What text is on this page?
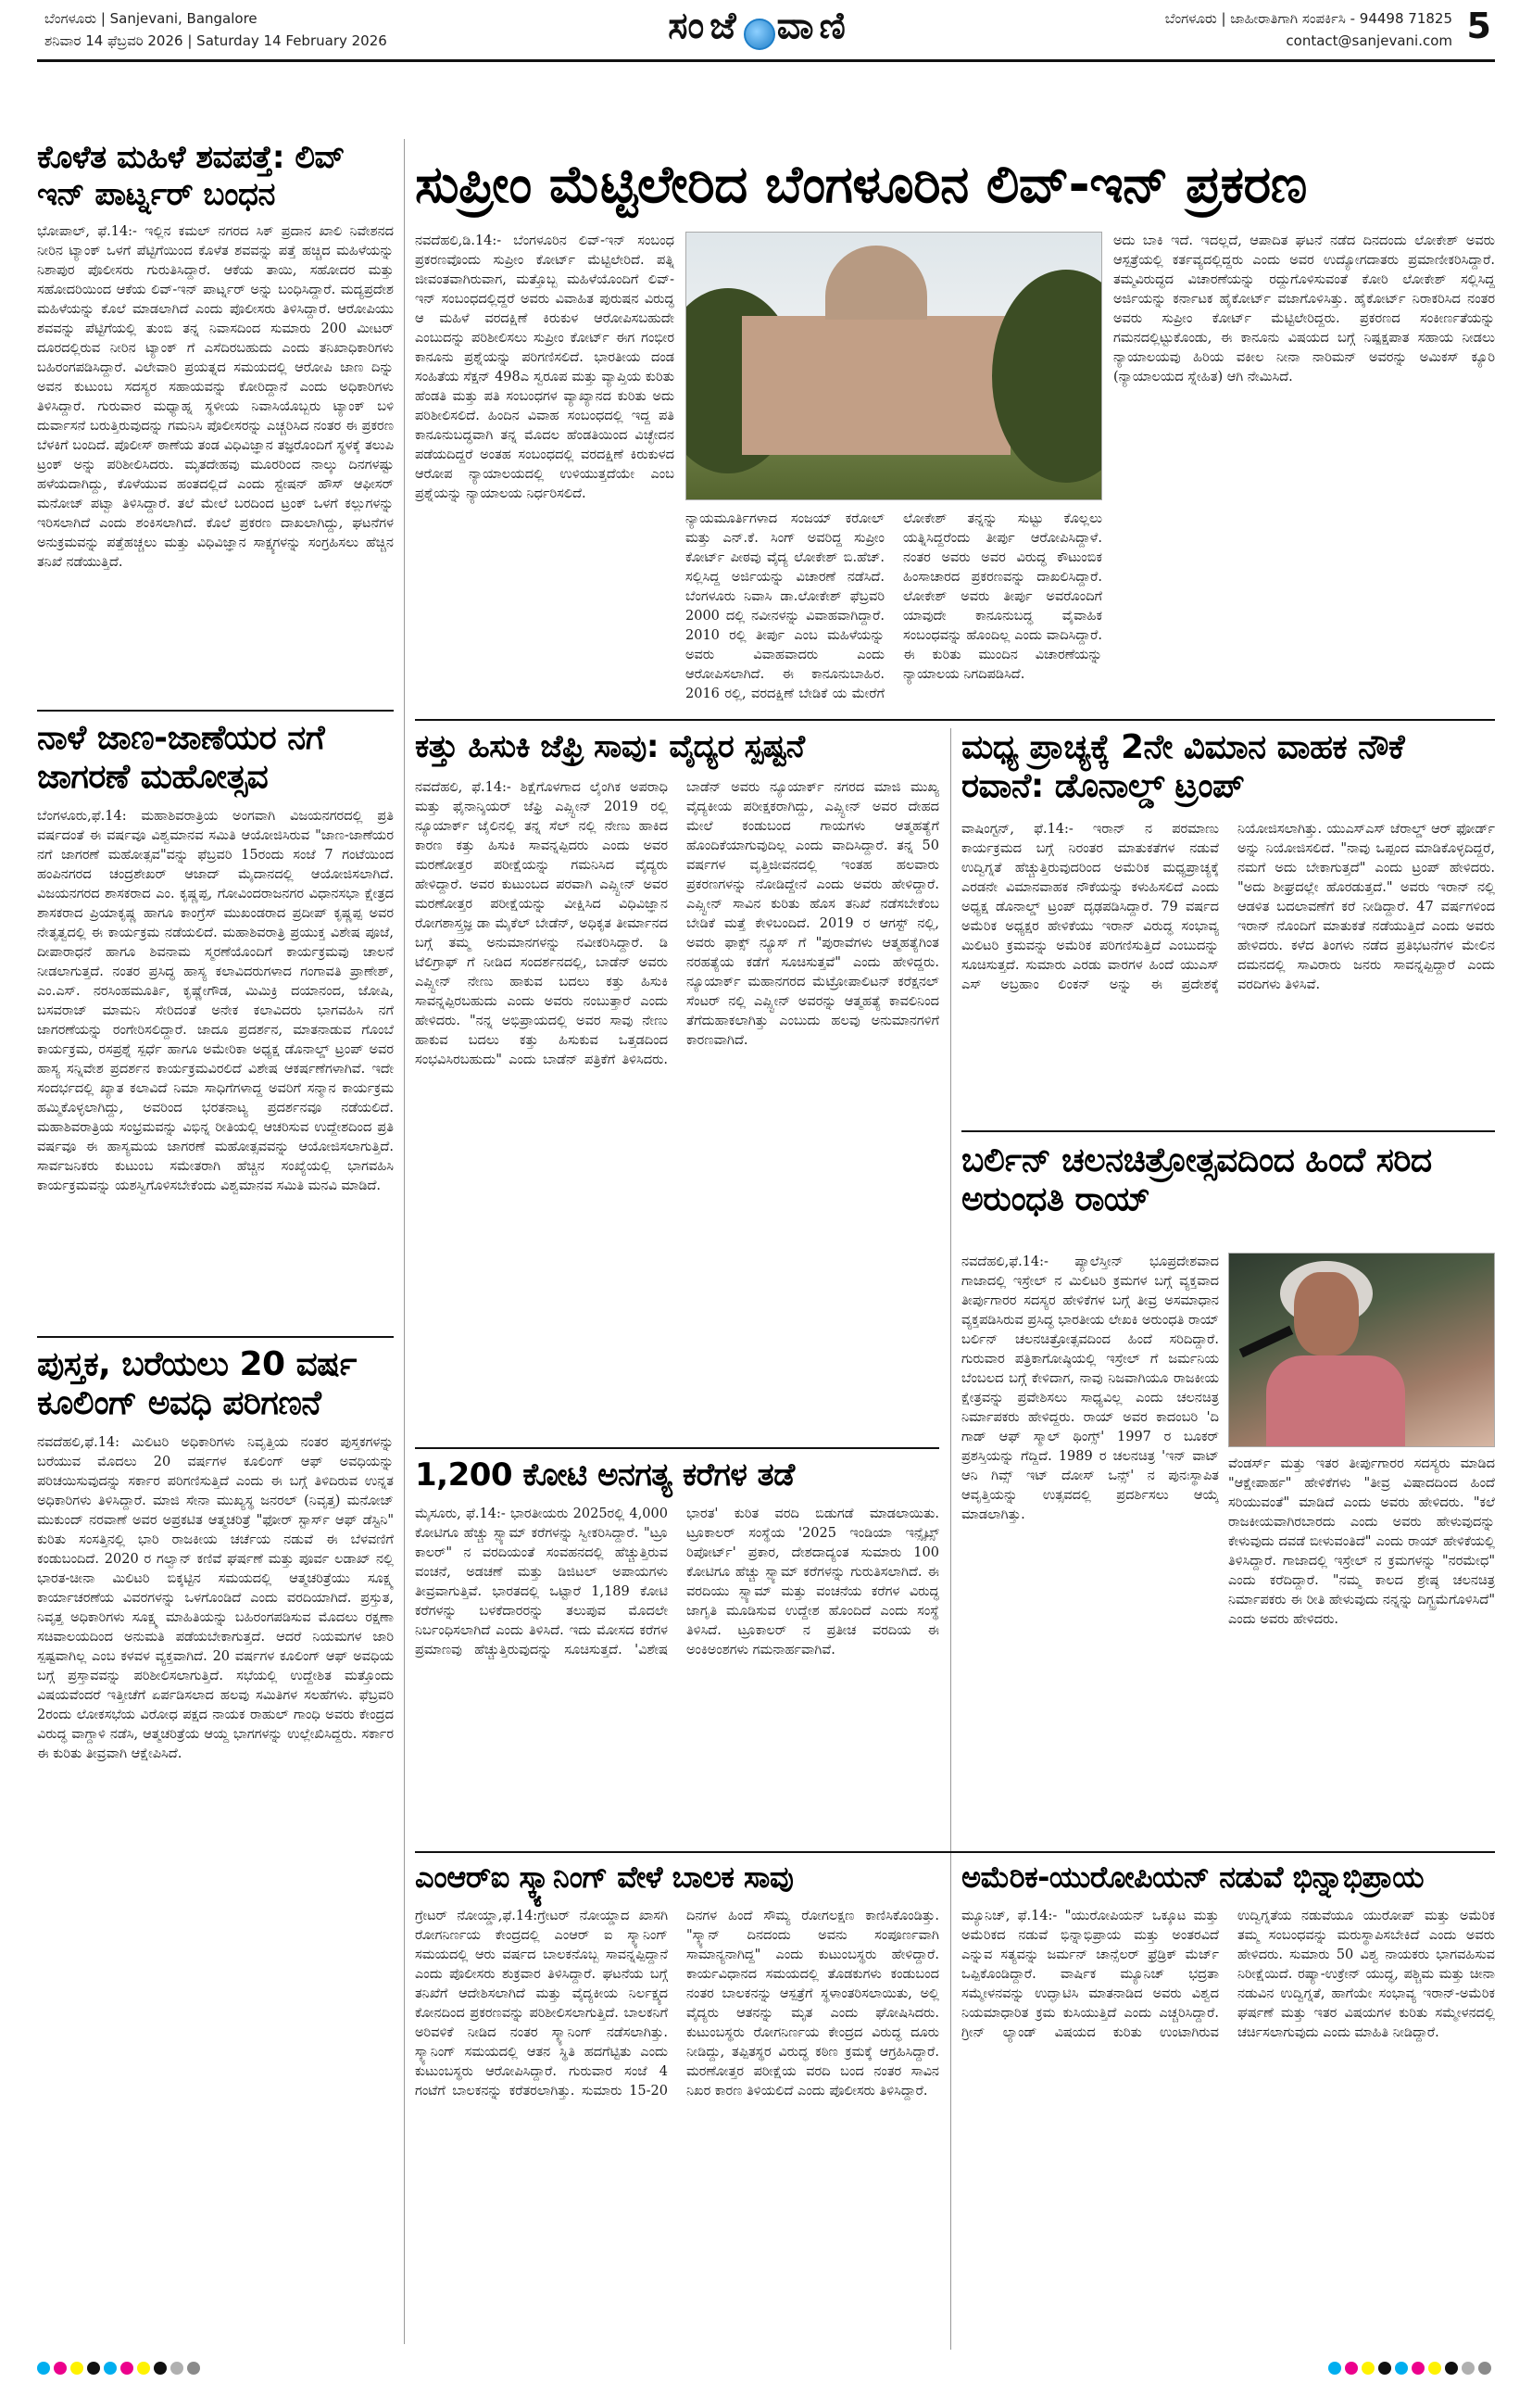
ಬೆಂಗಳೂರು | Sanjevani, Bangalore
ಶನಿವಾರ 14 ಫೆಬ್ರವರಿ 2026 | Saturday 14 February 2026	ಸಂಜೆ ವಾಣಿ	ಬೆಂಗಳೂರು | ಜಾಹೀರಾತಿಗಾಗಿ ಸಂಪರ್ಕಿಸಿ - 94498 71825
contact@sanjevani.com 5
ಕೊಳೆತ ಮಹಿಳೆ ಶವಪತ್ತೆ: ಲಿವ್ ಇನ್ ಪಾರ್ಟ್ನರ್ ಬಂಧನ
ಭೋಪಾಲ್, ಫೆ.14:- ಇಲ್ಲಿನ ಕಮಲ್ ನಗರದ ಸಿಕ್ ಪ್ರದಾನ ಖಾಲಿ ನಿವೇಶನದ ನೀರಿನ ಟ್ಯಾಂಕ್ ಒಳಗೆ ಪೆಟ್ಟಿಗೆಯಿಂದ ಕೊಳೆತ ಶವವನ್ನು ಪತ್ತೆ ಹಚ್ಚಿದ ಮಹಿಳೆಯನ್ನು ನಿಶಾಪುರ ಪೊಲೀಸರು ಗುರುತಿಸಿದ್ದಾರೆ. ಆಕೆಯ ತಾಯಿ, ಸಹೋದರ ಮತ್ತು ಸಹೋದರಿಯಿಂದ ಆಕೆಯ ಲಿವ್-ಇನ್ ಪಾರ್ಟ್ನರ್ ಅನ್ನು ಬಂಧಿಸಿದ್ದಾರೆ. ಮದ್ಯಪ್ರದೇಶ ಮಹಿಳೆಯನ್ನು ಕೊಲೆ ಮಾಡಲಾಗಿದೆ ಎಂದು ಪೊಲೀಸರು ತಿಳಿಸಿದ್ದಾರೆ. ಆರೋಪಿಯು ಶವವನ್ನು ಪೆಟ್ಟಿಗೆಯಲ್ಲಿ ತುಂಬಿ ತನ್ನ ನಿವಾಸದಿಂದ ಸುಮಾರು 200 ಮೀಟರ್ ದೂರದಲ್ಲಿರುವ ನೀರಿನ ಟ್ಯಾಂಕ್ ಗೆ ಎಸೆದಿರಬಹುದು ಎಂದು ತನಿಖಾಧಿಕಾರಿಗಳು ಬಹಿರಂಗಪಡಿಸಿದ್ದಾರೆ. ವಿಲೇವಾರಿ ಪ್ರಯತ್ನದ ಸಮಯದಲ್ಲಿ ಆರೋಪಿ ಜಾಣ ದಿನ್ನು ಅವನ ಕುಟುಂಬ ಸದಸ್ಯರ ಸಹಾಯವನ್ನು ಕೋರಿದ್ದಾನೆ ಎಂದು ಅಧಿಕಾರಿಗಳು ತಿಳಿಸಿದ್ದಾರೆ. ಗುರುವಾರ ಮಧ್ಯಾಹ್ನ ಸ್ಥಳೀಯ ನಿವಾಸಿಯೊಬ್ಬರು ಟ್ಯಾಂಕ್ ಬಳಿ ದುರ್ವಾಸನೆ ಬರುತ್ತಿರುವುದನ್ನು ಗಮನಿಸಿ ಪೊಲೀಸರನ್ನು ಎಚ್ಚರಿಸಿದ ನಂತರ ಈ ಪ್ರಕರಣ ಬೆಳಕಿಗೆ ಬಂದಿದೆ. ಪೊಲೀಸ್ ಠಾಣೆಯ ತಂಡ ವಿಧಿವಿಜ್ಞಾನ ತಜ್ಞರೊಂದಿಗೆ ಸ್ಥಳಕ್ಕೆ ತಲುಪಿ ಟ್ರಂಕ್ ಅನ್ನು ಪರಿಶೀಲಿಸಿದರು. ಮೃತದೇಹವು ಮೂರರಿಂದ ನಾಲ್ಕು ದಿನಗಳಷ್ಟು ಹಳೆಯದಾಗಿದ್ದು, ಕೊಳೆಯುವ ಹಂತದಲ್ಲಿದೆ ಎಂದು ಸ್ಟೇಷನ್ ಹೌಸ್ ಆಫೀಸರ್ ಮನೋಜ್ ಪಟ್ವಾ ತಿಳಿಸಿದ್ದಾರೆ. ತಲೆ ಮೇಲೆ ಬರದಿಂದ ಟ್ರಂಕ್ ಒಳಗೆ ಕಲ್ಲುಗಳನ್ನು ಇರಿಸಲಾಗಿದೆ ಎಂದು ಶಂಕಿಸಲಾಗಿದೆ. ಕೊಲೆ ಪ್ರಕರಣ ದಾಖಲಾಗಿದ್ದು, ಘಟನೆಗಳ ಅನುಕ್ರಮವನ್ನು ಪತ್ತೆಹಚ್ಚಲು ಮತ್ತು ವಿಧಿವಿಜ್ಞಾನ ಸಾಕ್ಷ್ಯಗಳನ್ನು ಸಂಗ್ರಹಿಸಲು ಹೆಚ್ಚಿನ ತನಿಖೆ ನಡೆಯುತ್ತಿದೆ.
ನಾಳೆ ಜಾಣ-ಜಾಣೆಯರ ನಗೆ ಜಾಗರಣೆ ಮಹೋತ್ಸವ
ಬೆಂಗಳೂರು,ಫೆ.14: ಮಹಾಶಿವರಾತ್ರಿಯ ಅಂಗವಾಗಿ ವಿಜಯನಗರದಲ್ಲಿ ಪ್ರತಿ ವರ್ಷದಂತೆ ಈ ವರ್ಷವೂ ವಿಶ್ವಮಾನವ ಸಮಿತಿ ಆಯೋಜಿಸಿರುವ "ಜಾಣ-ಜಾಣೆಯರ ನಗೆ ಜಾಗರಣೆ ಮಹೋತ್ಸವ"ವನ್ನು ಫೆಬ್ರವರಿ 15ರಂದು ಸಂಜೆ 7 ಗಂಟೆಯಿಂದ ಹಂಪಿನಗರದ ಚಂದ್ರಶೇಖರ್ ಆಜಾದ್ ಮೈದಾನದಲ್ಲಿ ಆಯೋಜಿಸಲಾಗಿದೆ. ವಿಜಯನಗರದ ಶಾಸಕರಾದ ಎಂ. ಕೃಷ್ಣಪ್ಪ, ಗೋವಿಂದರಾಜನಗರ ವಿಧಾನಸಭಾ ಕ್ಷೇತ್ರದ ಶಾಸಕರಾದ ಪ್ರಿಯಾಕೃಷ್ಣ ಹಾಗೂ ಕಾಂಗ್ರೆಸ್ ಮುಖಂಡರಾದ ಪ್ರದೀಪ್ ಕೃಷ್ಣಪ್ಪ ಅವರ ನೇತೃತ್ವದಲ್ಲಿ ಈ ಕಾರ್ಯಕ್ರಮ ನಡೆಯಲಿದೆ. ಮಹಾಶಿವರಾತ್ರಿ ಪ್ರಯುಕ್ತ ವಿಶೇಷ ಪೂಜೆ, ದೀಪಾರಾಧನೆ ಹಾಗೂ ಶಿವನಾಮ ಸ್ಮರಣೆಯೊಂದಿಗೆ ಕಾರ್ಯಕ್ರಮವು ಚಾಲನೆ ನೀಡಲಾಗುತ್ತದೆ. ನಂತರ ಪ್ರಸಿದ್ಧ ಹಾಸ್ಯ ಕಲಾವಿದರುಗಳಾದ ಗಂಗಾವತಿ ಪ್ರಾಣೇಶ್, ಎಂ.ಎಸ್. ನರಸಿಂಹಮೂರ್ತಿ, ಕೃಷ್ಣೇಗೌಡ, ಮಿಮಿಕ್ರಿ ದಯಾನಂದ, ಜೋಷಿ, ಬಸವರಾಜ್ ಮಾಮನಿ ಸೇರಿದಂತೆ ಅನೇಕ ಕಲಾವಿದರು ಭಾಗವಹಿಸಿ ನಗೆ ಜಾಗರಣೆಯನ್ನು ರಂಗೇರಿಸಲಿದ್ದಾರೆ. ಜಾದೂ ಪ್ರದರ್ಶನ, ಮಾತನಾಡುವ ಗೊಂಬೆ ಕಾರ್ಯಕ್ರಮ, ರಸಪ್ರಶ್ನೆ ಸ್ಪರ್ಧೆ ಹಾಗೂ ಅಮೇರಿಕಾ ಅಧ್ಯಕ್ಷ ಡೊನಾಲ್ಡ್ ಟ್ರಂಪ್ ಅವರ ಹಾಸ್ಯ ಸನ್ನಿವೇಶ ಪ್ರದರ್ಶನ ಕಾರ್ಯಕ್ರಮವಿರಲಿದೆ ವಿಶೇಷ ಆಕರ್ಷಣೆಗಳಾಗಿವೆ. ಇದೇ ಸಂದರ್ಭದಲ್ಲಿ ಖ್ಯಾತ ಕಲಾವಿದೆ ನಿಮಾ ಸಾಧಿಗೆಗಳಾದ್ದ ಅವರಿಗೆ ಸನ್ಮಾನ ಕಾರ್ಯಕ್ರಮ ಹಮ್ಮಿಕೊಳ್ಳಲಾಗಿದ್ದು, ಅವರಿಂದ ಭರತನಾಟ್ಯ ಪ್ರದರ್ಶನವೂ ನಡೆಯಲಿದೆ. ಮಹಾಶಿವರಾತ್ರಿಯ ಸಂಭ್ರಮವನ್ನು ವಿಭಿನ್ನ ರೀತಿಯಲ್ಲಿ ಆಚರಿಸುವ ಉದ್ದೇಶದಿಂದ ಪ್ರತಿ ವರ್ಷವೂ ಈ ಹಾಸ್ಯಮಯ ಜಾಗರಣೆ ಮಹೋತ್ಸವವನ್ನು ಆಯೋಜಿಸಲಾಗುತ್ತಿದೆ. ಸಾರ್ವಜನಿಕರು ಕುಟುಂಬ ಸಮೇತರಾಗಿ ಹೆಚ್ಚಿನ ಸಂಖ್ಯೆಯಲ್ಲಿ ಭಾಗವಹಿಸಿ ಕಾರ್ಯಕ್ರಮವನ್ನು ಯಶಸ್ವಿಗೊಳಿಸಬೇಕೆಂದು ವಿಶ್ವಮಾನವ ಸಮಿತಿ ಮನವಿ ಮಾಡಿದೆ.
ಪುಸ್ತಕ, ಬರೆಯಲು 20 ವರ್ಷ ಕೂಲಿಂಗ್ ಅವಧಿ ಪರಿಗಣನೆ
ನವದೆಹಲಿ,ಫೆ.14: ಮಿಲಿಟರಿ ಅಧಿಕಾರಿಗಳು ನಿವೃತ್ತಿಯ ನಂತರ ಪುಸ್ತಕಗಳನ್ನು ಬರೆಯುವ ಮೊದಲು 20 ವರ್ಷಗಳ ಕೂಲಿಂಗ್ ಆಫ್ ಅವಧಿಯನ್ನು ಪರಿಚಯಿಸುವುದನ್ನು ಸರ್ಕಾರ ಪರಿಗಣಿಸುತ್ತಿದೆ ಎಂದು ಈ ಬಗ್ಗೆ ತಿಳಿದಿರುವ ಉನ್ನತ ಅಧಿಕಾರಿಗಳು ತಿಳಿಸಿದ್ದಾರೆ. ಮಾಜಿ ಸೇನಾ ಮುಖ್ಯಸ್ಥ ಜನರಲ್ (ನಿವೃತ್ತ) ಮನೋಜ್ ಮುಕುಂದ್ ನರವಾಣೆ ಅವರ ಅಪ್ರಕಟಿತ ಆತ್ಮಚರಿತ್ರೆ "ಫೋರ್ ಸ್ಟಾರ್ಸ್ ಆಫ್ ಡೆಸ್ಟಿನಿ" ಕುರಿತು ಸಂಸತ್ತಿನಲ್ಲಿ ಭಾರಿ ರಾಜಕೀಯ ಚರ್ಚೆಯ ನಡುವೆ ಈ ಬೆಳವಣಿಗೆ ಕಂಡುಬಂದಿದೆ. 2020 ರ ಗಲ್ವಾನ್ ಕಣಿವೆ ಘರ್ಷಣೆ ಮತ್ತು ಪೂರ್ವ ಲಡಾಖ್ ನಲ್ಲಿ ಭಾರತ-ಚೀನಾ ಮಿಲಿಟರಿ ಬಿಕ್ಕಟ್ಟಿನ ಸಮಯದಲ್ಲಿ ಆತ್ಮಚರಿತ್ರೆಯು ಸೂಕ್ಷ್ಮ ಕಾರ್ಯಾಚರಣೆಯ ವಿವರಗಳನ್ನು ಒಳಗೊಂಡಿದೆ ಎಂದು ವರದಿಯಾಗಿದೆ. ಪ್ರಸ್ತುತ, ನಿವೃತ್ತ ಅಧಿಕಾರಿಗಳು ಸೂಕ್ಷ್ಮ ಮಾಹಿತಿಯನ್ನು ಬಹಿರಂಗಪಡಿಸುವ ಮೊದಲು ರಕ್ಷಣಾ ಸಚಿವಾಲಯದಿಂದ ಅನುಮತಿ ಪಡೆಯಬೇಕಾಗುತ್ತದೆ. ಆದರೆ ನಿಯಮಗಳ ಜಾರಿ ಸ್ಪಷ್ಟವಾಗಿಲ್ಲ ಎಂಬ ಕಳವಳ ವ್ಯಕ್ತವಾಗಿದೆ. 20 ವರ್ಷಗಳ ಕೂಲಿಂಗ್ ಆಫ್ ಅವಧಿಯ ಬಗ್ಗೆ ಪ್ರಸ್ತಾವವನ್ನು ಪರಿಶೀಲಿಸಲಾಗುತ್ತಿದೆ. ಸಭೆಯಲ್ಲಿ ಉದ್ದೇಶಿತ ಮತ್ತೊಂದು ವಿಷಯವೆಂದರೆ ಇತ್ತೀಚೆಗೆ ಏರ್ಪಡಿಸಲಾದ ಹಲವು ಸಮಿತಿಗಳ ಸಲಹೆಗಳು. ಫೆಬ್ರವರಿ 2ರಂದು ಲೋಕಸಭೆಯ ವಿರೋಧ ಪಕ್ಷದ ನಾಯಕ ರಾಹುಲ್ ಗಾಂಧಿ ಅವರು ಕೇಂದ್ರದ ವಿರುದ್ಧ ವಾಗ್ದಾಳಿ ನಡೆಸಿ, ಆತ್ಮಚರಿತ್ರೆಯ ಆಯ್ದ ಭಾಗಗಳನ್ನು ಉಲ್ಲೇಖಿಸಿದ್ದರು. ಸರ್ಕಾರ ಈ ಕುರಿತು ತೀವ್ರವಾಗಿ ಆಕ್ಷೇಪಿಸಿದೆ.
ಸುಪ್ರೀಂ ಮೆಟ್ಟಿಲೇರಿದ ಬೆಂಗಳೂರಿನ ಲಿವ್-ಇನ್ ಪ್ರಕರಣ
ನವದೆಹಲಿ,ಡಿ.14:- ಬೆಂಗಳೂರಿನ ಲಿವ್-ಇನ್ ಸಂಬಂಧ ಪ್ರಕರಣವೊಂದು ಸುಪ್ರೀಂ ಕೋರ್ಟ್ ಮೆಟ್ಟಿಲೇರಿದೆ. ಪತ್ನಿ ಜೀವಂತವಾಗಿರುವಾಗ, ಮತ್ತೊಬ್ಬ ಮಹಿಳೆಯೊಂದಿಗೆ ಲಿವ್-ಇನ್ ಸಂಬಂಧದಲ್ಲಿದ್ದರೆ ಅವರು ವಿವಾಹಿತ ಪುರುಷನ ವಿರುದ್ಧ ಆ ಮಹಿಳೆ ವರದಕ್ಷಿಣೆ ಕಿರುಕುಳ ಆರೋಪಿಸಬಹುದೇ ಎಂಬುದನ್ನು ಪರಿಶೀಲಿಸಲು ಸುಪ್ರೀಂ ಕೋರ್ಟ್ ಈಗ ಗಂಭೀರ ಕಾನೂನು ಪ್ರಶ್ನೆಯನ್ನು ಪರಿಗಣಿಸಲಿದೆ. ಭಾರತೀಯ ದಂಡ ಸಂಹಿತೆಯ ಸೆಕ್ಷನ್ 498ಎ ಸ್ವರೂಪ ಮತ್ತು ವ್ಯಾಪ್ತಿಯ ಕುರಿತು ಹೆಂಡತಿ ಮತ್ತು ಪತಿ ಸಂಬಂಧಗಳ ವ್ಯಾಖ್ಯಾನದ ಕುರಿತು ಅದು ಪರಿಶೀಲಿಸಲಿದೆ. ಹಿಂದಿನ ವಿವಾಹ ಸಂಬಂಧದಲ್ಲಿ ಇದ್ದ ಪತಿ ಕಾನೂನುಬದ್ಧವಾಗಿ ತನ್ನ ಮೊದಲ ಹೆಂಡತಿಯಿಂದ ವಿಚ್ಛೇದನ ಪಡೆಯದಿದ್ದರೆ ಅಂತಹ ಸಂಬಂಧದಲ್ಲಿ ವರದಕ್ಷಿಣೆ ಕಿರುಕುಳದ ಆರೋಪ ನ್ಯಾಯಾಲಯದಲ್ಲಿ ಉಳಿಯುತ್ತದೆಯೇ ಎಂಬ ಪ್ರಶ್ನೆಯನ್ನು ನ್ಯಾಯಾಲಯ ನಿರ್ಧರಿಸಲಿದೆ.
ನ್ಯಾಯಮೂರ್ತಿಗಳಾದ ಸಂಜಯ್ ಕರೋಲ್ ಮತ್ತು ಎನ್.ಕೆ. ಸಿಂಗ್ ಅವರಿದ್ದ ಸುಪ್ರೀಂ ಕೋರ್ಟ್ ಪೀಠವು ವೈದ್ಯ ಲೋಕೇಶ್ ಬಿ.ಹೆಚ್. ಸಲ್ಲಿಸಿದ್ದ ಅರ್ಜಿಯನ್ನು ವಿಚಾರಣೆ ನಡೆಸಿದೆ. ಬೆಂಗಳೂರು ನಿವಾಸಿ ಡಾ.ಲೋಕೇಶ್ ಫೆಬ್ರವರಿ 2000 ದಲ್ಲಿ ನವೀನಳನ್ನು ವಿವಾಹವಾಗಿದ್ದಾರೆ. 2010 ರಲ್ಲಿ ತೀರ್ಪು ಎಂಬ ಮಹಿಳೆಯನ್ನು ಅವರು ವಿವಾಹವಾದರು ಎಂದು ಆರೋಪಿಸಲಾಗಿದೆ. ಈ ಕಾನೂನುಬಾಹಿರ. 2016 ರಲ್ಲಿ, ವರದಕ್ಷಿಣೆ ಬೇಡಿಕೆ ಯ ಮೇರೆಗೆ ಲೋಕೇಶ್ ತನ್ನನ್ನು ಸುಟ್ಟು ಕೊಲ್ಲಲು ಯತ್ನಿಸಿದ್ದರೆಂದು ತೀರ್ಪು ಆರೋಪಿಸಿದ್ದಾಳೆ. ನಂತರ ಅವರು ಅವರ ವಿರುದ್ಧ ಕೌಟುಂಬಿಕ ಹಿಂಸಾಚಾರದ ಪ್ರಕರಣವನ್ನು ದಾಖಲಿಸಿದ್ದಾರೆ. ಲೋಕೇಶ್ ಅವರು ತೀರ್ಪು ಅವರೊಂದಿಗೆ ಯಾವುದೇ ಕಾನೂನುಬದ್ಧ ವೈವಾಹಿಕ ಸಂಬಂಧವನ್ನು ಹೊಂದಿಲ್ಲ ಎಂದು ವಾದಿಸಿದ್ದಾರೆ. ಈ ಕುರಿತು ಮುಂದಿನ ವಿಚಾರಣೆಯನ್ನು ನ್ಯಾಯಾಲಯ ನಿಗದಿಪಡಿಸಿದೆ.
ಅದು ಬಾಕಿ ಇದೆ. ಇದಲ್ಲದೆ, ಆಪಾದಿತ ಘಟನೆ ನಡೆದ ದಿನದಂದು ಲೋಕೇಶ್ ಅವರು ಆಸ್ಪತ್ರೆಯಲ್ಲಿ ಕರ್ತವ್ಯದಲ್ಲಿದ್ದರು ಎಂದು ಅವರ ಉದ್ಯೋಗದಾತರು ಪ್ರಮಾಣೀಕರಿಸಿದ್ದಾರೆ. ತಮ್ಮವಿರುದ್ಧದ ವಿಚಾರಣೆಯನ್ನು ರದ್ದುಗೊಳಿಸುವಂತೆ ಕೋರಿ ಲೋಕೇಶ್ ಸಲ್ಲಿಸಿದ್ದ ಅರ್ಜಿಯನ್ನು ಕರ್ನಾಟಕ ಹೈಕೋರ್ಟ್ ವಜಾಗೊಳಿಸಿತ್ತು. ಹೈಕೋರ್ಟ್ ನಿರಾಕರಿಸಿದ ನಂತರ ಅವರು ಸುಪ್ರೀಂ ಕೋರ್ಟ್ ಮೆಟ್ಟಿಲೇರಿದ್ದರು. ಪ್ರಕರಣದ ಸಂಕೀರ್ಣತೆಯನ್ನು ಗಮನದಲ್ಲಿಟ್ಟುಕೊಂಡು, ಈ ಕಾನೂನು ವಿಷಯದ ಬಗ್ಗೆ ನಿಷ್ಪಕ್ಷಪಾತ ಸಹಾಯ ನೀಡಲು ನ್ಯಾಯಾಲಯವು ಹಿರಿಯ ವಕೀಲ ನೀನಾ ನಾರಿಮನ್ ಅವರನ್ನು ಅಮಿಕಸ್ ಕ್ಯೂರಿ (ನ್ಯಾಯಾಲಯದ ಸ್ನೇಹಿತ) ಆಗಿ ನೇಮಿಸಿದೆ.
ಕತ್ತು ಹಿಸುಕಿ ಜೆಫ್ರಿ ಸಾವು: ವೈದ್ಯರ ಸ್ಪಷ್ಟನೆ
ನವದೆಹಲಿ, ಫೆ.14:- ಶಿಕ್ಷೆಗೊಳಗಾದ ಲೈಂಗಿಕ ಅಪರಾಧಿ ಮತ್ತು ಫೈನಾನ್ಶಿಯರ್ ಜೆಫ್ರಿ ಎಪ್ಸ್ಟೀನ್ 2019 ರಲ್ಲಿ ನ್ಯೂಯಾರ್ಕ್ ಜೈಲಿನಲ್ಲಿ ತನ್ನ ಸೆಲ್ ನಲ್ಲಿ ನೇಣು ಹಾಕಿದ ಕಾರಣ ಕತ್ತು ಹಿಸುಕಿ ಸಾವನ್ನಪ್ಪಿದರು ಎಂದು ಅವರ ಮರಣೋತ್ತರ ಪರೀಕ್ಷೆಯನ್ನು ಗಮನಿಸಿದ ವೈದ್ಯರು ಹೇಳಿದ್ದಾರೆ. ಅವರ ಕುಟುಂಬದ ಪರವಾಗಿ ಎಪ್ಸ್ಟೀನ್ ಅವರ ಮರಣೋತ್ತರ ಪರೀಕ್ಷೆಯನ್ನು ವೀಕ್ಷಿಸಿದ ವಿಧಿವಿಜ್ಞಾನ ರೋಗಶಾಸ್ತ್ರಜ್ಞ ಡಾ ಮೈಕೆಲ್ ಬೇಡೆನ್, ಅಧಿಕೃತ ತೀರ್ಮಾನದ ಬಗ್ಗೆ ತಮ್ಮ ಅನುಮಾನಗಳನ್ನು ನವೀಕರಿಸಿದ್ದಾರೆ. ಡಿ ಟೆಲಿಗ್ರಾಫ್ ಗೆ ನೀಡಿದ ಸಂದರ್ಶನದಲ್ಲಿ, ಬಾಡೆನ್ ಅವರು ಎಪ್ಸ್ಟೀನ್ ನೇಣು ಹಾಕುವ ಬದಲು ಕತ್ತು ಹಿಸುಕಿ ಸಾವನ್ನಪ್ಪಿರಬಹುದು ಎಂದು ಅವರು ನಂಬುತ್ತಾರೆ ಎಂದು ಹೇಳಿದರು. "ನನ್ನ ಅಭಿಪ್ರಾಯದಲ್ಲಿ ಅವರ ಸಾವು ನೇಣು ಹಾಕುವ ಬದಲು ಕತ್ತು ಹಿಸುಕುವ ಒತ್ತಡದಿಂದ ಸಂಭವಿಸಿರಬಹುದು" ಎಂದು ಬಾಡೆನ್ ಪತ್ರಿಕೆಗೆ ತಿಳಿಸಿದರು. ಬಾಡೆನ್ ಅವರು ನ್ಯೂಯಾರ್ಕ್ ನಗರದ ಮಾಜಿ ಮುಖ್ಯ ವೈದ್ಯಕೀಯ ಪರೀಕ್ಷಕರಾಗಿದ್ದು, ಎಪ್ಸ್ಟೀನ್ ಅವರ ದೇಹದ ಮೇಲೆ ಕಂಡುಬಂದ ಗಾಯಗಳು ಆತ್ಮಹತ್ಯೆಗೆ ಹೊಂದಿಕೆಯಾಗುವುದಿಲ್ಲ ಎಂದು ವಾದಿಸಿದ್ದಾರೆ. ತನ್ನ 50 ವರ್ಷಗಳ ವೃತ್ತಿಜೀವನದಲ್ಲಿ ಇಂತಹ ಹಲವಾರು ಪ್ರಕರಣಗಳನ್ನು ನೋಡಿದ್ದೇನೆ ಎಂದು ಅವರು ಹೇಳಿದ್ದಾರೆ. ಎಪ್ಸ್ಟೀನ್ ಸಾವಿನ ಕುರಿತು ಹೊಸ ತನಿಖೆ ನಡೆಸಬೇಕೆಂಬ ಬೇಡಿಕೆ ಮತ್ತೆ ಕೇಳಿಬಂದಿದೆ. 2019 ರ ಆಗಸ್ಟ್ ನಲ್ಲಿ, ಅವರು ಫಾಕ್ಸ್ ನ್ಯೂಸ್ ಗೆ "ಪುರಾವೆಗಳು ಆತ್ಮಹತ್ಯೆಗಿಂತ ನರಹತ್ಯೆಯ ಕಡೆಗೆ ಸೂಚಿಸುತ್ತವೆ" ಎಂದು ಹೇಳಿದ್ದರು. ನ್ಯೂಯಾರ್ಕ್ ಮಹಾನಗರದ ಮೆಟ್ರೋಪಾಲಿಟನ್ ಕರೆಕ್ಷನಲ್ ಸೆಂಟರ್ ನಲ್ಲಿ ಎಪ್ಸ್ಟೀನ್ ಅವರನ್ನು ಆತ್ಮಹತ್ಯೆ ಕಾವಲಿನಿಂದ ತೆಗೆದುಹಾಕಲಾಗಿತ್ತು ಎಂಬುದು ಹಲವು ಅನುಮಾನಗಳಿಗೆ ಕಾರಣವಾಗಿದೆ.
ಮಧ್ಯ ಪ್ರಾಚ್ಯಕ್ಕೆ 2ನೇ ವಿಮಾನ ವಾಹಕ ನೌಕೆ ರವಾನೆ: ಡೊನಾಲ್ಡ್ ಟ್ರಂಪ್
ವಾಷಿಂಗ್ಟನ್, ಫೆ.14:- ಇರಾನ್ ನ ಪರಮಾಣು ಕಾರ್ಯಕ್ರಮದ ಬಗ್ಗೆ ನಿರಂತರ ಮಾತುಕತೆಗಳ ನಡುವೆ ಉದ್ವಿಗ್ನತೆ ಹೆಚ್ಚುತ್ತಿರುವುದರಿಂದ ಅಮೆರಿಕ ಮಧ್ಯಪ್ರಾಚ್ಯಕ್ಕೆ ಎರಡನೇ ವಿಮಾನವಾಹಕ ನೌಕೆಯನ್ನು ಕಳುಹಿಸಲಿದೆ ಎಂದು ಅಧ್ಯಕ್ಷ ಡೊನಾಲ್ಡ್ ಟ್ರಂಪ್ ದೃಢಪಡಿಸಿದ್ದಾರೆ. 79 ವರ್ಷದ ಅಮೆರಿಕ ಅಧ್ಯಕ್ಷರ ಹೇಳಿಕೆಯು ಇರಾನ್ ವಿರುದ್ಧ ಸಂಭಾವ್ಯ ಮಿಲಿಟರಿ ಕ್ರಮವನ್ನು ಅಮೆರಿಕ ಪರಿಗಣಿಸುತ್ತಿದೆ ಎಂಬುದನ್ನು ಸೂಚಿಸುತ್ತದೆ. ಸುಮಾರು ಎರಡು ವಾರಗಳ ಹಿಂದೆ ಯುಎಸ್ ಎಸ್ ಅಬ್ರಹಾಂ ಲಿಂಕನ್ ಅನ್ನು ಈ ಪ್ರದೇಶಕ್ಕೆ ನಿಯೋಜಿಸಲಾಗಿತ್ತು. ಯುಎಸ್ಎಸ್ ಜೆರಾಲ್ಡ್ ಆರ್ ಫೋರ್ಡ್ ಅನ್ನು ನಿಯೋಜಿಸಲಿದೆ. "ನಾವು ಒಪ್ಪಂದ ಮಾಡಿಕೊಳ್ಳದಿದ್ದರೆ, ನಮಗೆ ಅದು ಬೇಕಾಗುತ್ತದೆ" ಎಂದು ಟ್ರಂಪ್ ಹೇಳಿದರು. "ಅದು ಶೀಘ್ರದಲ್ಲೇ ಹೊರಡುತ್ತದೆ." ಅವರು ಇರಾನ್ ನಲ್ಲಿ ಆಡಳಿತ ಬದಲಾವಣೆಗೆ ಕರೆ ನೀಡಿದ್ದಾರೆ. 47 ವರ್ಷಗಳಿಂದ ಇರಾನ್ ನೊಂದಿಗೆ ಮಾತುಕತೆ ನಡೆಯುತ್ತಿದೆ ಎಂದು ಅವರು ಹೇಳಿದರು. ಕಳೆದ ತಿಂಗಳು ನಡೆದ ಪ್ರತಿಭಟನೆಗಳ ಮೇಲಿನ ದಮನದಲ್ಲಿ ಸಾವಿರಾರು ಜನರು ಸಾವನ್ನಪ್ಪಿದ್ದಾರೆ ಎಂದು ವರದಿಗಳು ತಿಳಿಸಿವೆ.
ಬರ್ಲಿನ್ ಚಲನಚಿತ್ರೋತ್ಸವದಿಂದ ಹಿಂದೆ ಸರಿದ ಅರುಂಧತಿ ರಾಯ್
ನವದೆಹಲಿ,ಫೆ.14:- ಪ್ಯಾಲೆಸ್ತೀನ್ ಭೂಪ್ರದೇಶವಾದ ಗಾಜಾದಲ್ಲಿ ಇಸ್ರೇಲ್ ನ ಮಿಲಿಟರಿ ಕ್ರಮಗಳ ಬಗ್ಗೆ ವ್ಯಕ್ತವಾದ ತೀರ್ಪುಗಾರರ ಸದಸ್ಯರ ಹೇಳಿಕೆಗಳ ಬಗ್ಗೆ ತೀವ್ರ ಅಸಮಾಧಾನ ವ್ಯಕ್ತಪಡಿಸಿರುವ ಪ್ರಸಿದ್ಧ ಭಾರತೀಯ ಲೇಖಕಿ ಅರುಂಧತಿ ರಾಯ್ ಬರ್ಲಿನ್ ಚಲನಚಿತ್ರೋತ್ಸವದಿಂದ ಹಿಂದೆ ಸರಿದಿದ್ದಾರೆ. ಗುರುವಾರ ಪತ್ರಿಕಾಗೋಷ್ಠಿಯಲ್ಲಿ ಇಸ್ರೇಲ್ ಗೆ ಜರ್ಮನಿಯ ಬೆಂಬಲದ ಬಗ್ಗೆ ಕೇಳಿದಾಗ, ನಾವು ನಿಜವಾಗಿಯೂ ರಾಜಕೀಯ ಕ್ಷೇತ್ರವನ್ನು ಪ್ರವೇಶಿಸಲು ಸಾಧ್ಯವಿಲ್ಲ ಎಂದು ಚಲನಚಿತ್ರ ನಿರ್ಮಾಪಕರು ಹೇಳಿದ್ದರು. ರಾಯ್ ಅವರ ಕಾದಂಬರಿ 'ದಿ ಗಾಡ್ ಆಫ್ ಸ್ಮಾಲ್ ಥಿಂಗ್ಸ್' 1997 ರ ಬೂಕರ್ ಪ್ರಶಸ್ತಿಯನ್ನು ಗೆದ್ದಿದೆ. 1989 ರ ಚಲನಚಿತ್ರ 'ಇನ್ ವಾಟ್ ಆನಿ ಗಿವ್ಸ್ ಇಟ್ ದೋಸ್ ಒನ್ಸ್' ನ ಪುನಃಸ್ಥಾಪಿತ ಆವೃತ್ತಿಯನ್ನು ಉತ್ಸವದಲ್ಲಿ ಪ್ರದರ್ಶಿಸಲು ಆಯ್ಕೆ ಮಾಡಲಾಗಿತ್ತು.
ವೆಂಡರ್ಸ್ ಮತ್ತು ಇತರ ತೀರ್ಪುಗಾರರ ಸದಸ್ಯರು ಮಾಡಿದ "ಆಕ್ಷೇಪಾರ್ಹ" ಹೇಳಿಕೆಗಳು "ತೀವ್ರ ವಿಷಾದದಿಂದ ಹಿಂದೆ ಸರಿಯುವಂತೆ" ಮಾಡಿದೆ ಎಂದು ಅವರು ಹೇಳಿದರು. "ಕಲೆ ರಾಜಕೀಯವಾಗಿರಬಾರದು ಎಂದು ಅವರು ಹೇಳುವುದನ್ನು ಕೇಳುವುದು ದವಡೆ ಬೀಳುವಂತಿದೆ" ಎಂದು ರಾಯ್ ಹೇಳಿಕೆಯಲ್ಲಿ ತಿಳಿಸಿದ್ದಾರೆ. ಗಾಜಾದಲ್ಲಿ ಇಸ್ರೇಲ್ ನ ಕ್ರಮಗಳನ್ನು "ನರಮೇಧ" ಎಂದು ಕರೆದಿದ್ದಾರೆ. "ನಮ್ಮ ಕಾಲದ ಶ್ರೇಷ್ಠ ಚಲನಚಿತ್ರ ನಿರ್ಮಾಪಕರು ಈ ರೀತಿ ಹೇಳುವುದು ನನ್ನನ್ನು ದಿಗ್ಭ್ರಮೆಗೊಳಿಸಿದೆ" ಎಂದು ಅವರು ಹೇಳಿದರು.
1,200 ಕೋಟಿ ಅನಗತ್ಯ ಕರೆಗಳ ತಡೆ
ಮೈಸೂರು, ಫೆ.14:- ಭಾರತೀಯರು 2025ರಲ್ಲಿ 4,000 ಕೋಟಿಗೂ ಹೆಚ್ಚು ಸ್ಪ್ಯಾಮ್ ಕರೆಗಳನ್ನು ಸ್ವೀಕರಿಸಿದ್ದಾರೆ. "ಟ್ರೂ ಕಾಲರ್" ನ ವರದಿಯಂತೆ ಸಂವಹನದಲ್ಲಿ ಹೆಚ್ಚುತ್ತಿರುವ ವಂಚನೆ, ಅಡಚಣೆ ಮತ್ತು ಡಿಜಿಟಲ್ ಅಪಾಯಗಳು ತೀವ್ರವಾಗುತ್ತಿವೆ. ಭಾರತದಲ್ಲಿ ಒಟ್ಟಾರೆ 1,189 ಕೋಟಿ ಕರೆಗಳನ್ನು ಬಳಕೆದಾರರನ್ನು ತಲುಪುವ ಮೊದಲೇ ನಿರ್ಬಂಧಿಸಲಾಗಿದೆ ಎಂದು ತಿಳಿಸಿದೆ. ಇದು ಮೋಸದ ಕರೆಗಳ ಪ್ರಮಾಣವು ಹೆಚ್ಚುತ್ತಿರುವುದನ್ನು ಸೂಚಿಸುತ್ತದೆ. 'ವಿಶೇಷ ಭಾರತ' ಕುರಿತ ವರದಿ ಬಿಡುಗಡೆ ಮಾಡಲಾಯಿತು. ಟ್ರೂಕಾಲರ್ ಸಂಸ್ಥೆಯ '2025 ಇಂಡಿಯಾ ಇನ್ಸೈಟ್ಸ್ ರಿಪೋರ್ಟ್' ಪ್ರಕಾರ, ದೇಶದಾದ್ಯಂತ ಸುಮಾರು 100 ಕೋಟಿಗೂ ಹೆಚ್ಚು ಸ್ಪ್ಯಾಮ್ ಕರೆಗಳನ್ನು ಗುರುತಿಸಲಾಗಿದೆ. ಈ ವರದಿಯು ಸ್ಪ್ಯಾಮ್ ಮತ್ತು ವಂಚನೆಯ ಕರೆಗಳ ವಿರುದ್ಧ ಜಾಗೃತಿ ಮೂಡಿಸುವ ಉದ್ದೇಶ ಹೊಂದಿದೆ ಎಂದು ಸಂಸ್ಥೆ ತಿಳಿಸಿದೆ. ಟ್ರೂಕಾಲರ್ ನ ಪ್ರತೀಚ ವರದಿಯ ಈ ಅಂಕಿಅಂಶಗಳು ಗಮನಾರ್ಹವಾಗಿವೆ.
ಎಂಆರ್‌ಐ ಸ್ಕ್ಯಾನಿಂಗ್ ವೇಳೆ ಬಾಲಕ ಸಾವು
ಗ್ರೇಟರ್ ನೋಯ್ಡಾ,ಫೆ.14:ಗ್ರೇಟರ್ ನೋಯ್ಡಾದ ಖಾಸಗಿ ರೋಗನಿರ್ಣಯ ಕೇಂದ್ರದಲ್ಲಿ ಎಂಆರ್ ಐ ಸ್ಕ್ಯಾನಿಂಗ್ ಸಮಯದಲ್ಲಿ ಆರು ವರ್ಷದ ಬಾಲಕನೊಬ್ಬ ಸಾವನ್ನಪ್ಪಿದ್ದಾನೆ ಎಂದು ಪೊಲೀಸರು ಶುಕ್ರವಾರ ತಿಳಿಸಿದ್ದಾರೆ. ಘಟನೆಯ ಬಗ್ಗೆ ತನಿಖೆಗೆ ಆದೇಶಿಸಲಾಗಿದೆ ಮತ್ತು ವೈದ್ಯಕೀಯ ನಿರ್ಲಕ್ಷ್ಯದ ಕೋನದಿಂದ ಪ್ರಕರಣವನ್ನು ಪರಿಶೀಲಿಸಲಾಗುತ್ತಿದೆ. ಬಾಲಕನಿಗೆ ಅರಿವಳಿಕೆ ನೀಡಿದ ನಂತರ ಸ್ಕ್ಯಾನಿಂಗ್ ನಡೆಸಲಾಗಿತ್ತು. ಸ್ಕ್ಯಾನಿಂಗ್ ಸಮಯದಲ್ಲಿ ಆತನ ಸ್ಥಿತಿ ಹದಗೆಟ್ಟಿತು ಎಂದು ಕುಟುಂಬಸ್ಥರು ಆರೋಪಿಸಿದ್ದಾರೆ. ಗುರುವಾರ ಸಂಜೆ 4 ಗಂಟೆಗೆ ಬಾಲಕನನ್ನು ಕರೆತರಲಾಗಿತ್ತು. ಸುಮಾರು 15-20 ದಿನಗಳ ಹಿಂದೆ ಸೌಮ್ಯ ರೋಗಲಕ್ಷಣ ಕಾಣಿಸಿಕೊಂಡಿತ್ತು. "ಸ್ಕ್ಯಾನ್ ದಿನದಂದು ಅವನು ಸಂಪೂರ್ಣವಾಗಿ ಸಾಮಾನ್ಯನಾಗಿದ್ದ" ಎಂದು ಕುಟುಂಬಸ್ಥರು ಹೇಳಿದ್ದಾರೆ. ಕಾರ್ಯವಿಧಾನದ ಸಮಯದಲ್ಲಿ ತೊಡಕುಗಳು ಕಂಡುಬಂದ ನಂತರ ಬಾಲಕನನ್ನು ಆಸ್ಪತ್ರೆಗೆ ಸ್ಥಳಾಂತರಿಸಲಾಯಿತು, ಅಲ್ಲಿ ವೈದ್ಯರು ಆತನನ್ನು ಮೃತ ಎಂದು ಘೋಷಿಸಿದರು. ಕುಟುಂಬಸ್ಥರು ರೋಗನಿರ್ಣಯ ಕೇಂದ್ರದ ವಿರುದ್ಧ ದೂರು ನೀಡಿದ್ದು, ತಪ್ಪಿತಸ್ಥರ ವಿರುದ್ಧ ಕಠಿಣ ಕ್ರಮಕ್ಕೆ ಆಗ್ರಹಿಸಿದ್ದಾರೆ. ಮರಣೋತ್ತರ ಪರೀಕ್ಷೆಯ ವರದಿ ಬಂದ ನಂತರ ಸಾವಿನ ನಿಖರ ಕಾರಣ ತಿಳಿಯಲಿದೆ ಎಂದು ಪೊಲೀಸರು ತಿಳಿಸಿದ್ದಾರೆ.
ಅಮೆರಿಕ-ಯುರೋಪಿಯನ್ ನಡುವೆ ಭಿನ್ನಾಭಿಪ್ರಾಯ
ಮ್ಯೂನಿಚ್, ಫೆ.14:- "ಯುರೋಪಿಯನ್ ಒಕ್ಕೂಟ ಮತ್ತು ಅಮೆರಿಕದ ನಡುವೆ ಭಿನ್ನಾಭಿಪ್ರಾಯ ಮತ್ತು ಅಂತರವಿದೆ ಎನ್ನುವ ಸತ್ಯವನ್ನು ಜರ್ಮನ್ ಚಾನ್ಸೆಲರ್ ಫ್ರೆಡ್ರಿಕ್ ಮೆರ್ಜ್ ಒಪ್ಪಿಕೊಂಡಿದ್ದಾರೆ. ವಾರ್ಷಿಕ ಮ್ಯೂನಿಚ್ ಭದ್ರತಾ ಸಮ್ಮೇಳನವನ್ನು ಉದ್ಘಾಟಿಸಿ ಮಾತನಾಡಿದ ಅವರು ವಿಶ್ವದ ನಿಯಮಾಧಾರಿತ ಕ್ರಮ ಕುಸಿಯುತ್ತಿದೆ ಎಂದು ಎಚ್ಚರಿಸಿದ್ದಾರೆ. ಗ್ರೀನ್ ಲ್ಯಾಂಡ್ ವಿಷಯದ ಕುರಿತು ಉಂಟಾಗಿರುವ ಉದ್ವಿಗ್ನತೆಯ ನಡುವೆಯೂ ಯುರೋಪ್ ಮತ್ತು ಅಮೆರಿಕ ತಮ್ಮ ಸಂಬಂಧವನ್ನು ಮರುಸ್ಥಾಪಿಸಬೇಕಿದೆ ಎಂದು ಅವರು ಹೇಳಿದರು. ಸುಮಾರು 50 ವಿಶ್ವ ನಾಯಕರು ಭಾಗವಹಿಸುವ ನಿರೀಕ್ಷೆಯಿದೆ. ರಷ್ಯಾ-ಉಕ್ರೇನ್ ಯುದ್ಧ, ಪಶ್ಚಿಮ ಮತ್ತು ಚೀನಾ ನಡುವಿನ ಉದ್ವಿಗ್ನತೆ, ಹಾಗೆಯೇ ಸಂಭಾವ್ಯ ಇರಾನ್-ಅಮೆರಿಕ ಘರ್ಷಣೆ ಮತ್ತು ಇತರ ವಿಷಯಗಳ ಕುರಿತು ಸಮ್ಮೇಳನದಲ್ಲಿ ಚರ್ಚಿಸಲಾಗುವುದು ಎಂದು ಮಾಹಿತಿ ನೀಡಿದ್ದಾರೆ.
